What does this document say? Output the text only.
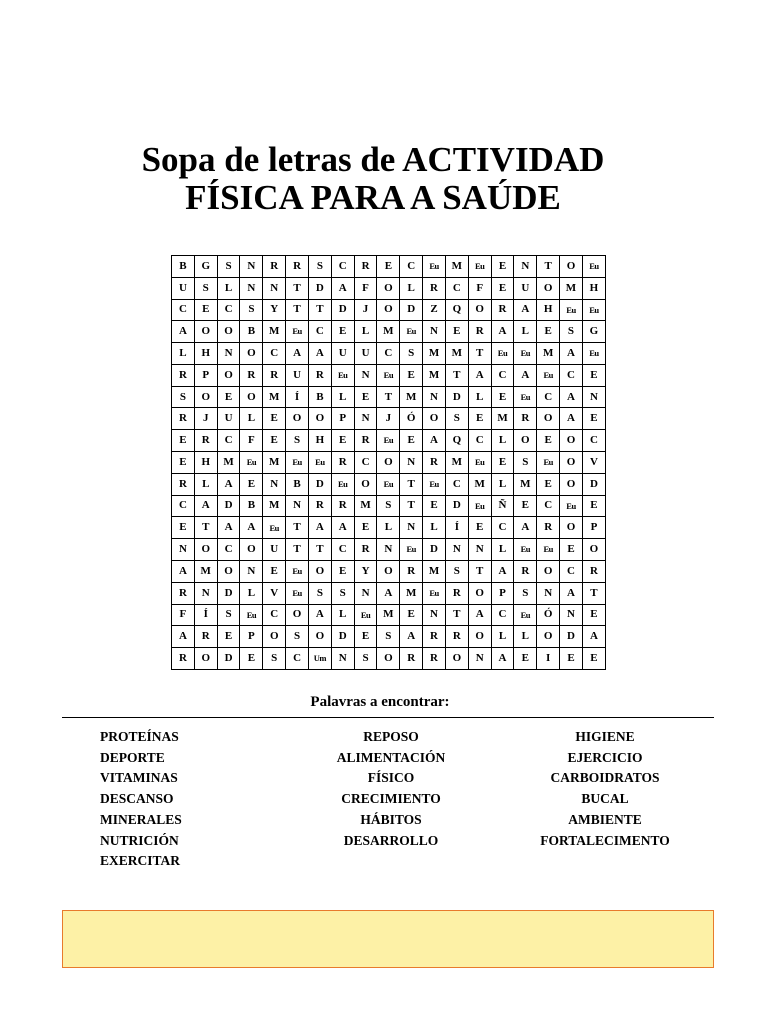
Sopa de letras de ACTIVIDAD
FÍSICA PARA A SAÚDE
B	G	S	N	R	R	S	C	R	E	C	Eu	M	Eu	E	N	T	O	Eu
U	S	L	N	N	T	D	A	F	O	L	R	C	F	E	U	O	M	H
C	E	C	S	Y	T	T	D	J	O	D	Z	Q	O	R	A	H	Eu	Eu
A	O	O	B	M	Eu	C	E	L	M	Eu	N	E	R	A	L	E	S	G
L	H	N	O	C	A	A	U	U	C	S	M	M	T	Eu	Eu	M	A	Eu
R	P	O	R	R	U	R	Eu	N	Eu	E	M	T	A	C	A	Eu	C	E
S	O	E	O	M	Í	B	L	E	T	M	N	D	L	E	Eu	C	A	N
R	J	U	L	E	O	O	P	N	J	Ó	O	S	E	M	R	O	A	E
E	R	C	F	E	S	H	E	R	Eu	E	A	Q	C	L	O	E	O	C
E	H	M	Eu	M	Eu	Eu	R	C	O	N	R	M	Eu	E	S	Eu	O	V
R	L	A	E	N	B	D	Eu	O	Eu	T	Eu	C	M	L	M	E	O	D
C	A	D	B	M	N	R	R	M	S	T	E	D	Eu	Ñ	E	C	Eu	E
E	T	A	A	Eu	T	A	A	E	L	N	L	Í	E	C	A	R	O	P
N	O	C	O	U	T	T	C	R	N	Eu	D	N	N	L	Eu	Eu	E	O
A	M	O	N	E	Eu	O	E	Y	O	R	M	S	T	A	R	O	C	R
R	N	D	L	V	Eu	S	S	N	A	M	Eu	R	O	P	S	N	A	T
F	Í	S	Eu	C	O	A	L	Eu	M	E	N	T	A	C	Eu	Ó	N	E
A	R	E	P	O	S	O	D	E	S	A	R	R	O	L	L	O	D	A
R	O	D	E	S	C	Um	N	S	O	R	R	O	N	A	E	I	E	E
Palavras a encontrar:
PROTEÍNAS
DEPORTE
VITAMINAS
DESCANSO
MINERALES
NUTRICIÓN
EXERCITAR
REPOSO
ALIMENTACIÓN
FÍSICO
CRECIMIENTO
HÁBITOS
DESARROLLO
HIGIENE
EJERCICIO
CARBOIDRATOS
BUCAL
AMBIENTE
FORTALECIMENTO
